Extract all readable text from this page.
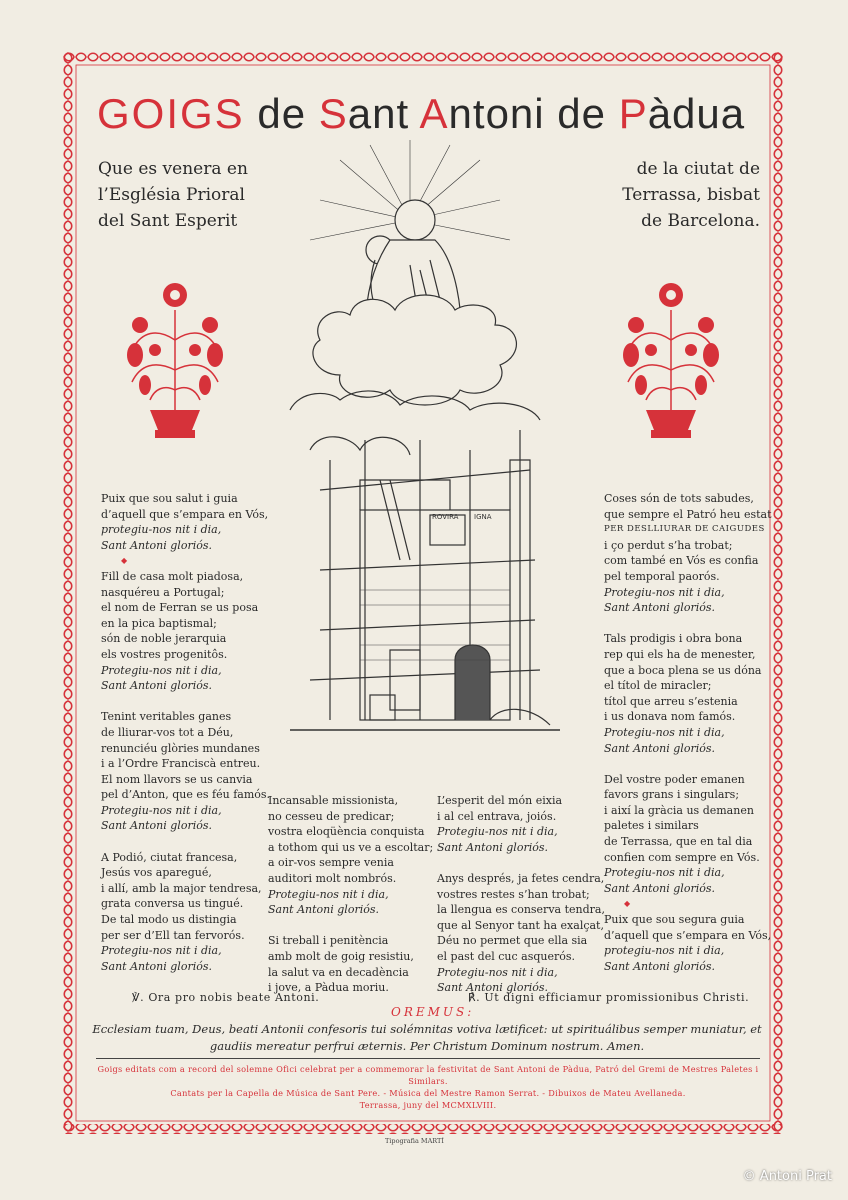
GOIGS de Sant Antoni de Pàdua
Que es venera en
l’Església Prioral
del Sant Esperit
de la ciutat de
Terrassa, bisbat
de Barcelona.
ROVIRA IGNA
Puix que sou salut i guia
d’aquell que s’empara en Vós,
protegiu-nos nit i dia,
Sant Antoni gloriós.
◆
Fill de casa molt piadosa,
nasquéreu a Portugal;
el nom de Ferran se us posa
en la pica baptismal;
són de noble jerarquia
els vostres progenitôs.
Protegiu-nos nit i dia,
Sant Antoni gloriós.
Tenint veritables ganes
de lliurar-vos tot a Déu,
renunciéu glòries mundanes
i a l’Ordre Franciscà entreu.
El nom llavors se us canvia
pel d’Anton, que es féu famós.
Protegiu-nos nit i dia,
Sant Antoni gloriós.
A Podió, ciutat francesa,
Jesús vos aparegué,
i allí, amb la major tendresa,
grata conversa us tingué.
De tal modo us distingia
per ser d’Ell tan fervorós.
Protegiu-nos nit i dia,
Sant Antoni gloriós.
Incansable missionista,
no cesseu de predicar;
vostra eloqüència conquista
a tothom qui us ve a escoltar;
a oir-vos sempre venia
auditori molt nombrós.
Protegiu-nos nit i dia,
Sant Antoni gloriós.
Si treball i penitència
amb molt de goig resistiu,
la salut va en decadència
i jove, a Pàdua moriu.
L’esperit del món eixia
i al cel entrava, joiós.
Protegiu-nos nit i dia,
Sant Antoni gloriós.
Anys després, ja fetes cendra,
vostres restes s’han trobat;
la llengua es conserva tendra,
que al Senyor tant ha exalçat,
Déu no permet que ella sia
el past del cuc asquerós.
Protegiu-nos nit i dia,
Sant Antoni gloriós.
Coses són de tots sabudes,
que sempre el Patró heu estat
PER DESLLIURAR DE CAIGUDES
i ço perdut s’ha trobat;
com també en Vós es confia
pel temporal paorós.
Protegiu-nos nit i dia,
Sant Antoni gloriós.
Tals prodigis i obra bona
rep qui els ha de menester,
que a boca plena se us dóna
el títol de miracler;
títol que arreu s’estenia
i us donava nom famós.
Protegiu-nos nit i dia,
Sant Antoni gloriós.
Del vostre poder emanen
favors grans i singulars;
i així la gràcia us demanen
paletes i similars
de Terrassa, que en tal dia
confien com sempre en Vós.
Protegiu-nos nit i dia,
Sant Antoni gloriós.
◆
Puix que sou segura guia
d’aquell que s’empara en Vós,
protegiu-nos nit i dia,
Sant Antoni gloriós.
℣. Ora pro nobis beate Antoni.	℟. Ut digni efficiamur promissionibus Christi.
OREMUS:
Ecclesiam tuam, Deus, beati Antonii confesoris tui solémnitas votiva lætificet: ut spirituálibus semper muniatur, et gaudiis mereatur perfrui æternis. Per Christum Dominum nostrum. Amen.
Goigs editats com a record del solemne Ofici celebrat per a commemorar la festivitat de Sant Antoni de Pàdua, Patró del Gremi de Mestres Paletes i Similars.
Cantats per la Capella de Música de Sant Pere. - Música del Mestre Ramon Serrat. - Dibuixos de Mateu Avellaneda.
Terrassa, juny del MCMXLVIII.
Tipografia MARTÍ
© Antoni Prat
